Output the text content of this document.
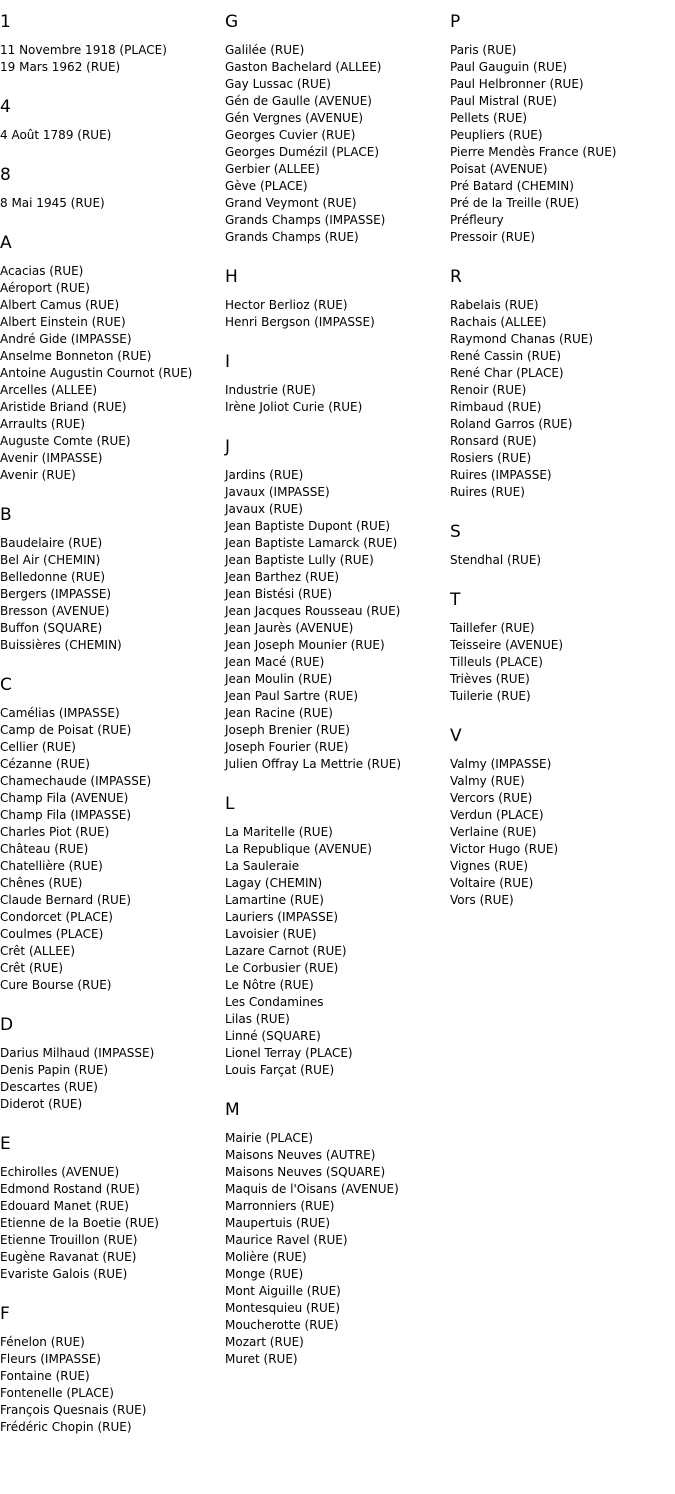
1
11 Novembre 1918 (PLACE)
19 Mars 1962 (RUE)
4
4 Août 1789 (RUE)
8
8 Mai 1945 (RUE)
A
Acacias (RUE)
Aéroport (RUE)
Albert Camus (RUE)
Albert Einstein (RUE)
André Gide (IMPASSE)
Anselme Bonneton (RUE)
Antoine Augustin Cournot (RUE)
Arcelles (ALLEE)
Aristide Briand (RUE)
Arraults (RUE)
Auguste Comte (RUE)
Avenir (IMPASSE)
Avenir (RUE)
B
Baudelaire (RUE)
Bel Air (CHEMIN)
Belledonne (RUE)
Bergers (IMPASSE)
Bresson (AVENUE)
Buffon (SQUARE)
Buissières (CHEMIN)
C
Camélias (IMPASSE)
Camp de Poisat (RUE)
Cellier (RUE)
Cézanne (RUE)
Chamechaude (IMPASSE)
Champ Fila (AVENUE)
Champ Fila (IMPASSE)
Charles Piot (RUE)
Château (RUE)
Chatellière (RUE)
Chênes (RUE)
Claude Bernard (RUE)
Condorcet (PLACE)
Coulmes (PLACE)
Crêt (ALLEE)
Crêt (RUE)
Cure Bourse (RUE)
D
Darius Milhaud (IMPASSE)
Denis Papin (RUE)
Descartes (RUE)
Diderot (RUE)
E
Echirolles (AVENUE)
Edmond Rostand (RUE)
Edouard Manet (RUE)
Etienne de la Boetie (RUE)
Etienne Trouillon (RUE)
Eugène Ravanat (RUE)
Evariste Galois (RUE)
F
Fénelon (RUE)
Fleurs (IMPASSE)
Fontaine (RUE)
Fontenelle (PLACE)
François Quesnais (RUE)
Frédéric Chopin (RUE)
G
Galilée (RUE)
Gaston Bachelard (ALLEE)
Gay Lussac (RUE)
Gén de Gaulle (AVENUE)
Gén Vergnes (AVENUE)
Georges Cuvier (RUE)
Georges Dumézil (PLACE)
Gerbier (ALLEE)
Gève (PLACE)
Grand Veymont (RUE)
Grands Champs (IMPASSE)
Grands Champs (RUE)
H
Hector Berlioz (RUE)
Henri Bergson (IMPASSE)
I
Industrie (RUE)
Irène Joliot Curie (RUE)
J
Jardins (RUE)
Javaux (IMPASSE)
Javaux (RUE)
Jean Baptiste Dupont (RUE)
Jean Baptiste Lamarck (RUE)
Jean Baptiste Lully (RUE)
Jean Barthez (RUE)
Jean Bistési (RUE)
Jean Jacques Rousseau (RUE)
Jean Jaurès (AVENUE)
Jean Joseph Mounier (RUE)
Jean Macé (RUE)
Jean Moulin (RUE)
Jean Paul Sartre (RUE)
Jean Racine (RUE)
Joseph Brenier (RUE)
Joseph Fourier (RUE)
Julien Offray La Mettrie (RUE)
L
La Maritelle (RUE)
La Republique (AVENUE)
La Sauleraie
Lagay (CHEMIN)
Lamartine (RUE)
Lauriers (IMPASSE)
Lavoisier (RUE)
Lazare Carnot (RUE)
Le Corbusier (RUE)
Le Nôtre (RUE)
Les Condamines
Lilas (RUE)
Linné (SQUARE)
Lionel Terray (PLACE)
Louis Farçat (RUE)
M
Mairie (PLACE)
Maisons Neuves (AUTRE)
Maisons Neuves (SQUARE)
Maquis de l'Oisans (AVENUE)
Marronniers (RUE)
Maupertuis (RUE)
Maurice Ravel (RUE)
Molière (RUE)
Monge (RUE)
Mont Aiguille (RUE)
Montesquieu (RUE)
Moucherotte (RUE)
Mozart (RUE)
Muret (RUE)
P
Paris (RUE)
Paul Gauguin (RUE)
Paul Helbronner (RUE)
Paul Mistral (RUE)
Pellets (RUE)
Peupliers (RUE)
Pierre Mendès France (RUE)
Poisat (AVENUE)
Pré Batard (CHEMIN)
Pré de la Treille (RUE)
Préfleury
Pressoir (RUE)
R
Rabelais (RUE)
Rachais (ALLEE)
Raymond Chanas (RUE)
René Cassin (RUE)
René Char (PLACE)
Renoir (RUE)
Rimbaud (RUE)
Roland Garros (RUE)
Ronsard (RUE)
Rosiers (RUE)
Ruires (IMPASSE)
Ruires (RUE)
S
Stendhal (RUE)
T
Taillefer (RUE)
Teisseire (AVENUE)
Tilleuls (PLACE)
Trièves (RUE)
Tuilerie (RUE)
V
Valmy (IMPASSE)
Valmy (RUE)
Vercors (RUE)
Verdun (PLACE)
Verlaine (RUE)
Victor Hugo (RUE)
Vignes (RUE)
Voltaire (RUE)
Vors (RUE)
